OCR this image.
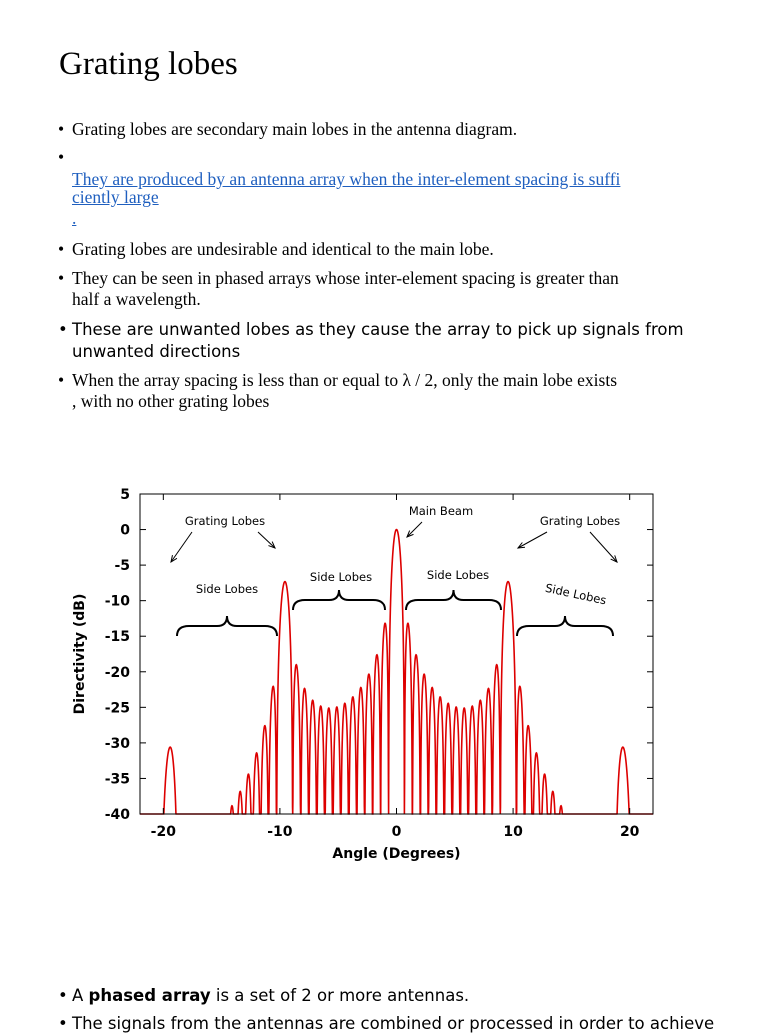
Grating lobes
• Grating lobes are secondary main lobes in the antenna diagram.
•
They are produced by an antenna array when the inter-element spacing is suffi
ciently large
.
• Grating lobes are undesirable and identical to the main lobe.
• They can be seen in phased arrays whose inter-element spacing is greater than
half a wavelength.
• These are unwanted lobes as they cause the array to pick up signals from
unwanted directions
• When the array spacing is less than or equal to λ / 2, only the main lobe exists
, with no other grating lobes
5
0
-5
-10
-15
-20
-25
-30
-35
-40
-20	-10	0	10	20
Angle (Degrees)
Directivity (dB)
Grating Lobes
Main Beam
Grating Lobes
Side Lobes
Side Lobes	Side Lobes
Side Lobes
• A phased array is a set of 2 or more antennas.
• The signals from the antennas are combined or processed in order to achieve
